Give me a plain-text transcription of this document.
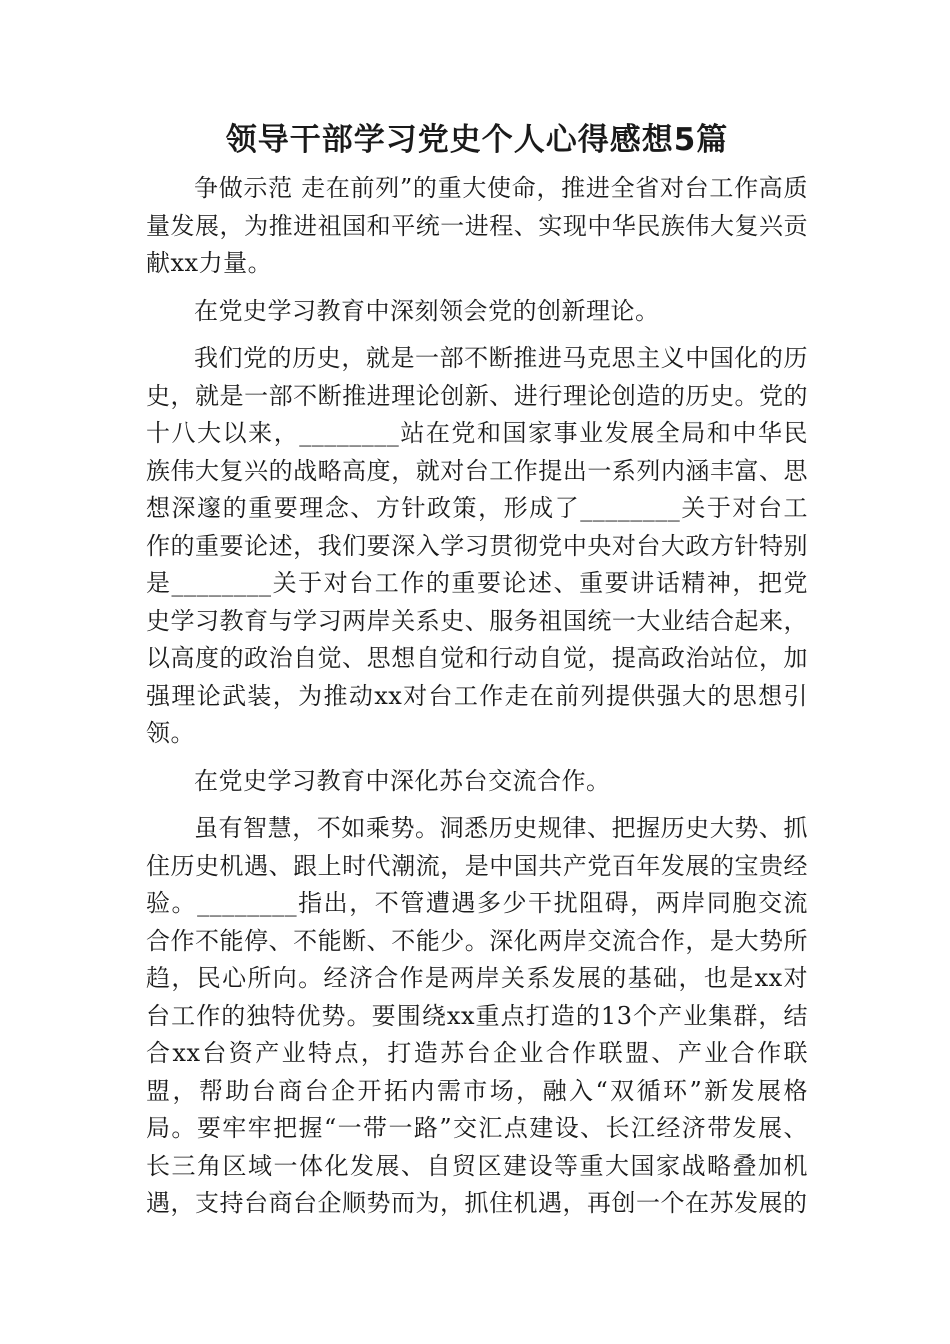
领导干部学习党史个人心得感想5篇

争做示范 走在前列”的重大使命，推进全省对台工作高质量发展，为推进祖国和平统一进程、实现中华民族伟大复兴贡献xx力量。

在党史学习教育中深刻领会党的创新理论。

我们党的历史，就是一部不断推进马克思主义中国化的历史，就是一部不断推进理论创新、进行理论创造的历史。党的十八大以来，________站在党和国家事业发展全局和中华民族伟大复兴的战略高度，就对台工作提出一系列内涵丰富、思想深邃的重要理念、方针政策，形成了________关于对台工作的重要论述，我们要深入学习贯彻党中央对台大政方针特别是________关于对台工作的重要论述、重要讲话精神，把党史学习教育与学习两岸关系史、服务祖国统一大业结合起来，以高度的政治自觉、思想自觉和行动自觉，提高政治站位，加强理论武装，为推动xx对台工作走在前列提供强大的思想引领。

在党史学习教育中深化苏台交流合作。

虽有智慧，不如乘势。洞悉历史规律、把握历史大势、抓住历史机遇、跟上时代潮流，是中国共产党百年发展的宝贵经验。________指出，不管遭遇多少干扰阻碍，两岸同胞交流合作不能停、不能断、不能少。深化两岸交流合作，是大势所趋，民心所向。经济合作是两岸关系发展的基础，也是xx对台工作的独特优势。要围绕xx重点打造的13个产业集群，结合xx台资产业特点，打造苏台企业合作联盟、产业合作联盟，帮助台商台企开拓内需市场，融入“双循环”新发展格局。要牢牢把握“一带一路”交汇点建设、长江经济带发展、长三角区域一体化发展、自贸区建设等重大国家战略叠加机遇，支持台商台企顺势而为，抓住机遇，再创一个在苏发展的
